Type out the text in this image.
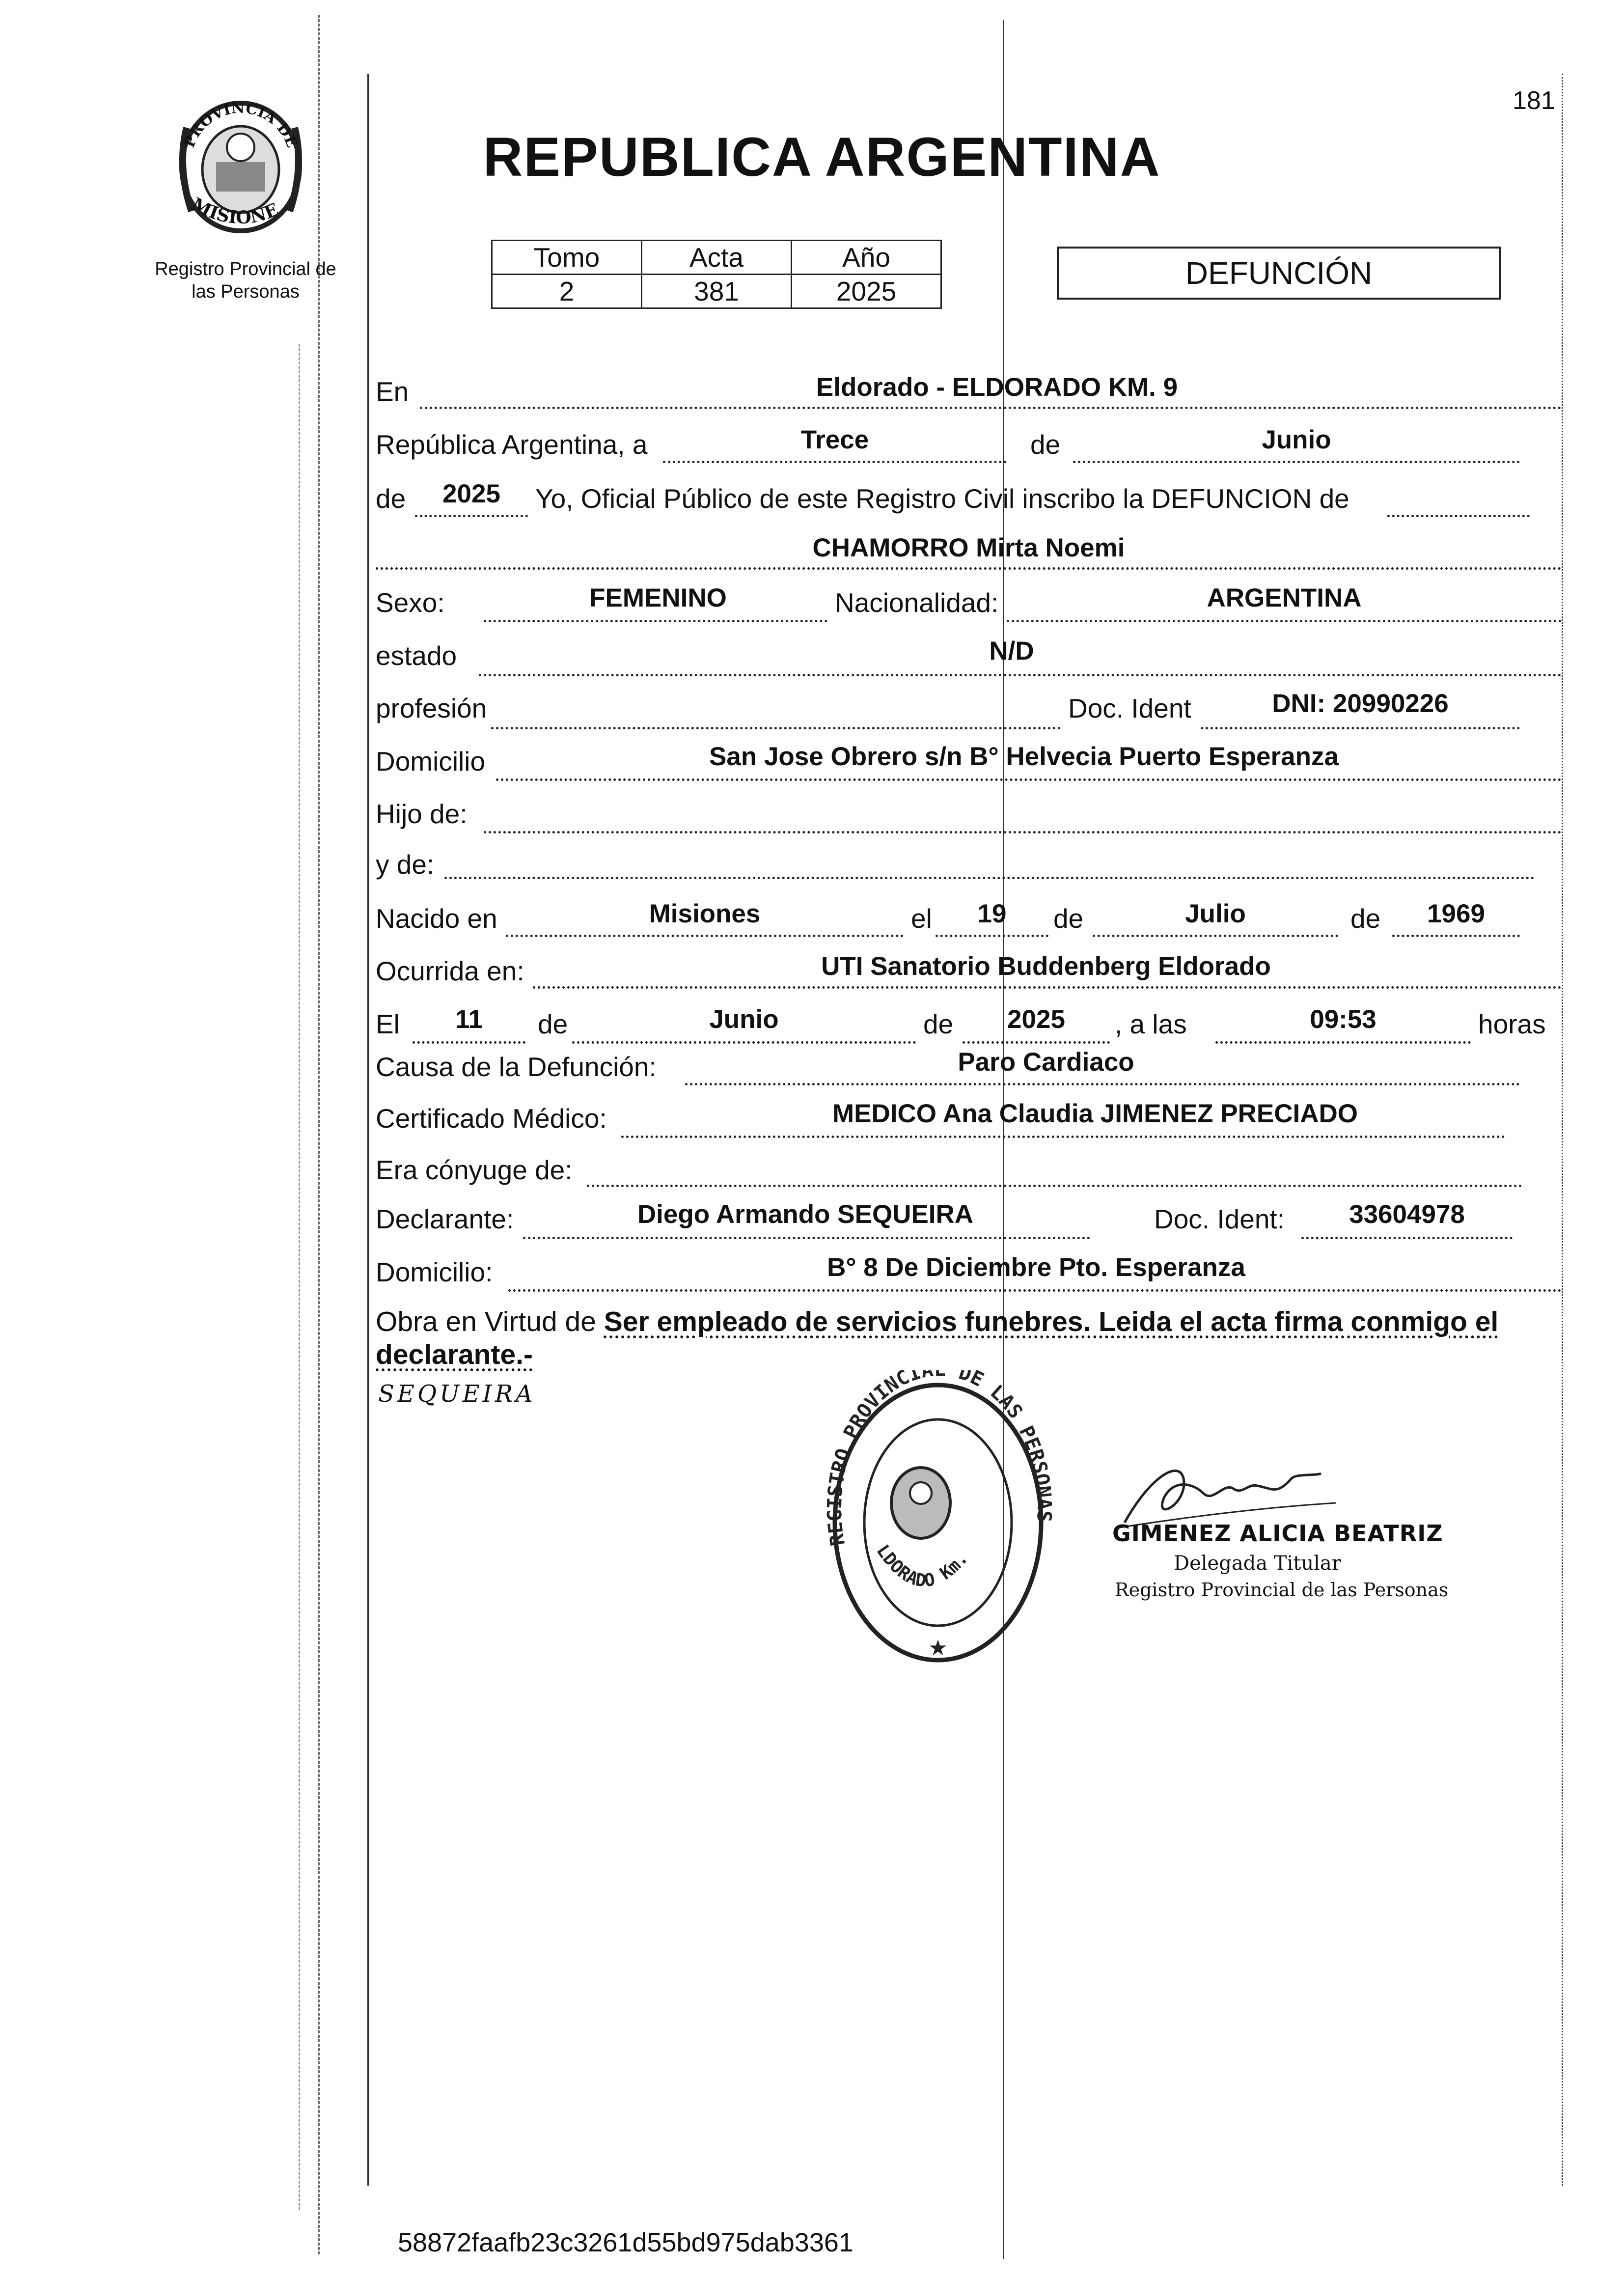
PROVINCIA DE
MISIONE
Registro Provincial de
las Personas
181
REPUBLICA ARGENTINA
Tomo	Acta	Año
2	381	2025
DEFUNCIÓN
En	Eldorado - ELDORADO KM. 9
República Argentina, a	Trece	de	Junio
de	2025	Yo, Oficial Público de este Registro Civil inscribo la DEFUNCION de
CHAMORRO Mirta Noemi
Sexo:	FEMENINO	Nacionalidad:	ARGENTINA
estado	N/D
profesión	Doc. Ident	DNI: 20990226
Domicilio	San Jose Obrero s/n B° Helvecia Puerto Esperanza
Hijo de:
y de:
Nacido en	Misiones	el	19	de	Julio	de	1969
Ocurrida en:	UTI Sanatorio Buddenberg Eldorado
El	11	de	Junio	de	2025	, a las	09:53	horas
Causa de la Defunción:	Paro Cardiaco
Certificado Médico:	MEDICO Ana Claudia JIMENEZ PRECIADO
Era cónyuge de:
Declarante:	Diego Armando SEQUEIRA	Doc. Ident:	33604978
Domicilio:	B° 8 De Diciembre Pto. Esperanza
Obra en Virtud de Ser empleado de servicios funebres. Leida el acta firma conmigo el
declarante.-
SEQUEIRA
★
REGISTRO PROVINCIA DE LAS PERSONAS
LDORADO Km.
GIMENEZ ALICIA BEATRIZ
Delegada Titular
Registro Provincial de las Personas
58872faafb23c3261d55bd975dab3361
